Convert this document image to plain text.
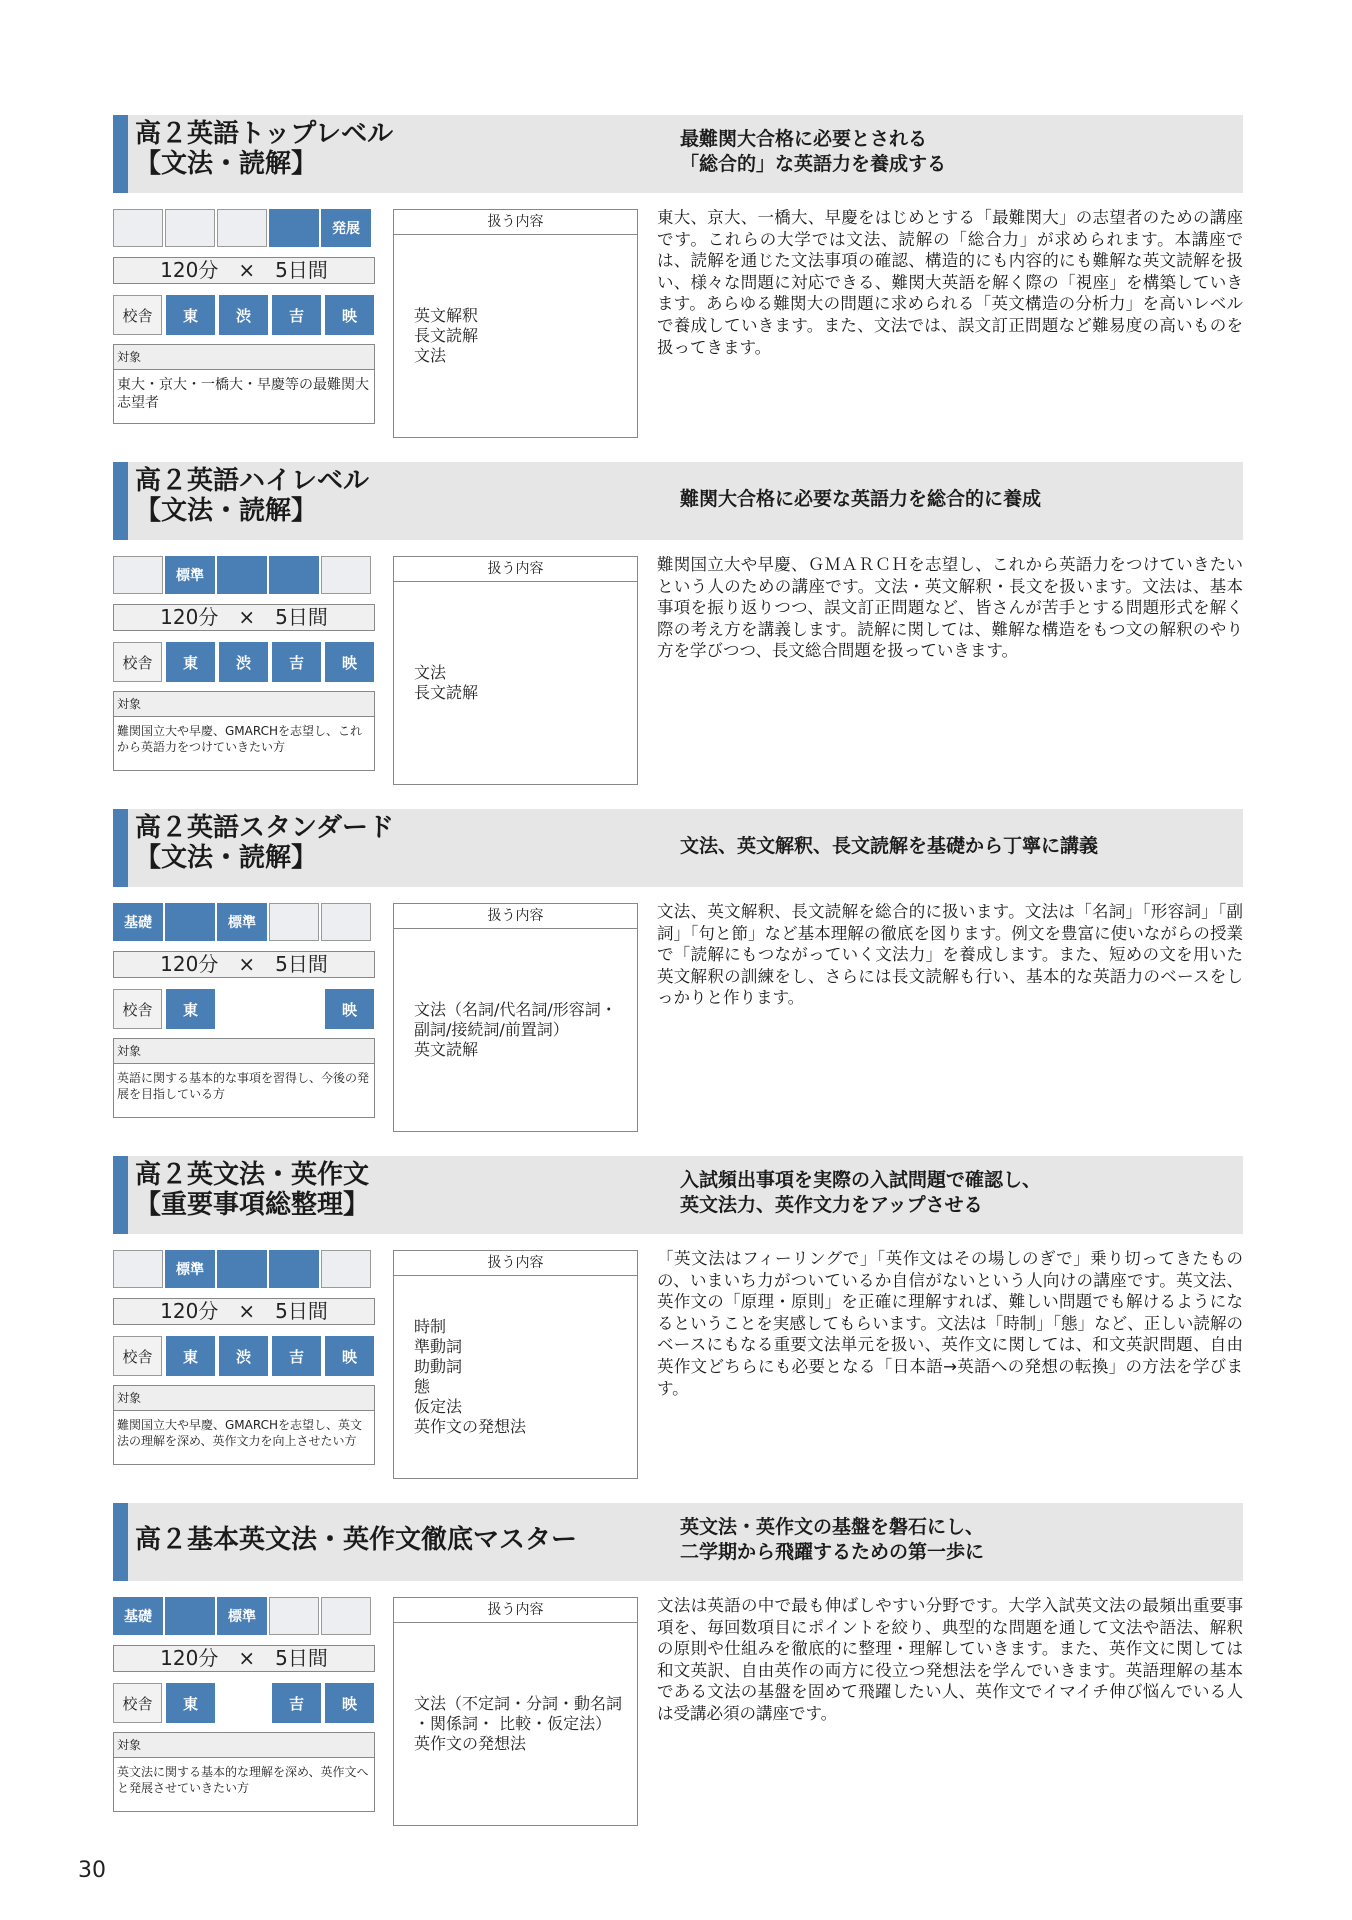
高２英語トップレベル
【文法・読解】
最難関大合格に必要とされる
「総合的」な英語力を養成する
発展
120分　×　5日間
校舎	東	渋	吉	映
対象
東大・京大・一橋大・早慶等の最難関大志望者
扱う内容
英文解釈
長文読解
文法
東大、京大、一橋大、早慶をはじめとする「最難関大」の志望者のための講座です。これらの大学では文法、読解の「総合力」が求められます。本講座では、読解を通じた文法事項の確認、構造的にも内容的にも難解な英文読解を扱い、様々な問題に対応できる、難関大英語を解く際の「視座」を構築していきます。あらゆる難関大の問題に求められる「英文構造の分析力」を高いレベルで養成していきます。また、文法では、誤文訂正問題など難易度の高いものを扱ってきます。
高２英語ハイレベル
【文法・読解】	難関大合格に必要な英語力を総合的に養成
標準
120分　×　5日間
校舎	東	渋	吉	映
対象
難関国立大や早慶、GMARCHを志望し、これから英語力をつけていきたい方
扱う内容
文法
長文読解
難関国立大や早慶、ＧＭＡＲＣＨを志望し、これから英語力をつけていきたいという人のための講座です。文法・英文解釈・長文を扱います。文法は、基本事項を振り返りつつ、誤文訂正問題など、皆さんが苦手とする問題形式を解く際の考え方を講義します。読解に関しては、難解な構造をもつ文の解釈のやり方を学びつつ、長文総合問題を扱っていきます。
高２英語スタンダード
【文法・読解】	文法、英文解釈、長文読解を基礎から丁寧に講義
基礎	標準
120分　×　5日間
校舎	東	映
対象
英語に関する基本的な事項を習得し、今後の発展を目指している方
扱う内容
文法（名詞/代名詞/形容詞・副詞/接続詞/前置詞）
英文読解
文法、英文解釈、長文読解を総合的に扱います。文法は「名詞」「形容詞」「副詞」「句と節」など基本理解の徹底を図ります。例文を豊富に使いながらの授業で「読解にもつながっていく文法力」を養成します。また、短めの文を用いた英文解釈の訓練をし、さらには長文読解も行い、基本的な英語力のベースをしっかりと作ります。
高２英文法・英作文
【重要事項総整理】
入試頻出事項を実際の入試問題で確認し、
英文法力、英作文力をアップさせる
標準
120分　×　5日間
校舎	東	渋	吉	映
対象
難関国立大や早慶、GMARCHを志望し、英文法の理解を深め、英作文力を向上させたい方
扱う内容
時制
準動詞
助動詞
態
仮定法
英作文の発想法
「英文法はフィーリングで」「英作文はその場しのぎで」乗り切ってきたものの、いまいち力がついているか自信がないという人向けの講座です。英文法、英作文の「原理・原則」を正確に理解すれば、難しい問題でも解けるようになるということを実感してもらいます。文法は「時制」「態」など、正しい読解のベースにもなる重要文法単元を扱い、英作文に関しては、和文英訳問題、自由英作文どちらにも必要となる「日本語→英語への発想の転換」の方法を学びます。
高２基本英文法・英作文徹底マスター	英文法・英作文の基盤を磐石にし、
二学期から飛躍するための第一歩に
基礎	標準
120分　×　5日間
校舎	東	吉	映
対象
英文法に関する基本的な理解を深め、英作文へと発展させていきたい方
扱う内容
文法（不定詞・分詞・動名詞 ・関係詞・ 比較・仮定法）
英作文の発想法
文法は英語の中で最も伸ばしやすい分野です。大学入試英文法の最頻出重要事項を、毎回数項目にポイントを絞り、典型的な問題を通して文法や語法、解釈の原則や仕組みを徹底的に整理・理解していきます。また、英作文に関しては和文英訳、自由英作の両方に役立つ発想法を学んでいきます。英語理解の基本である文法の基盤を固めて飛躍したい人、英作文でイマイチ伸び悩んでいる人は受講必須の講座です。
30
